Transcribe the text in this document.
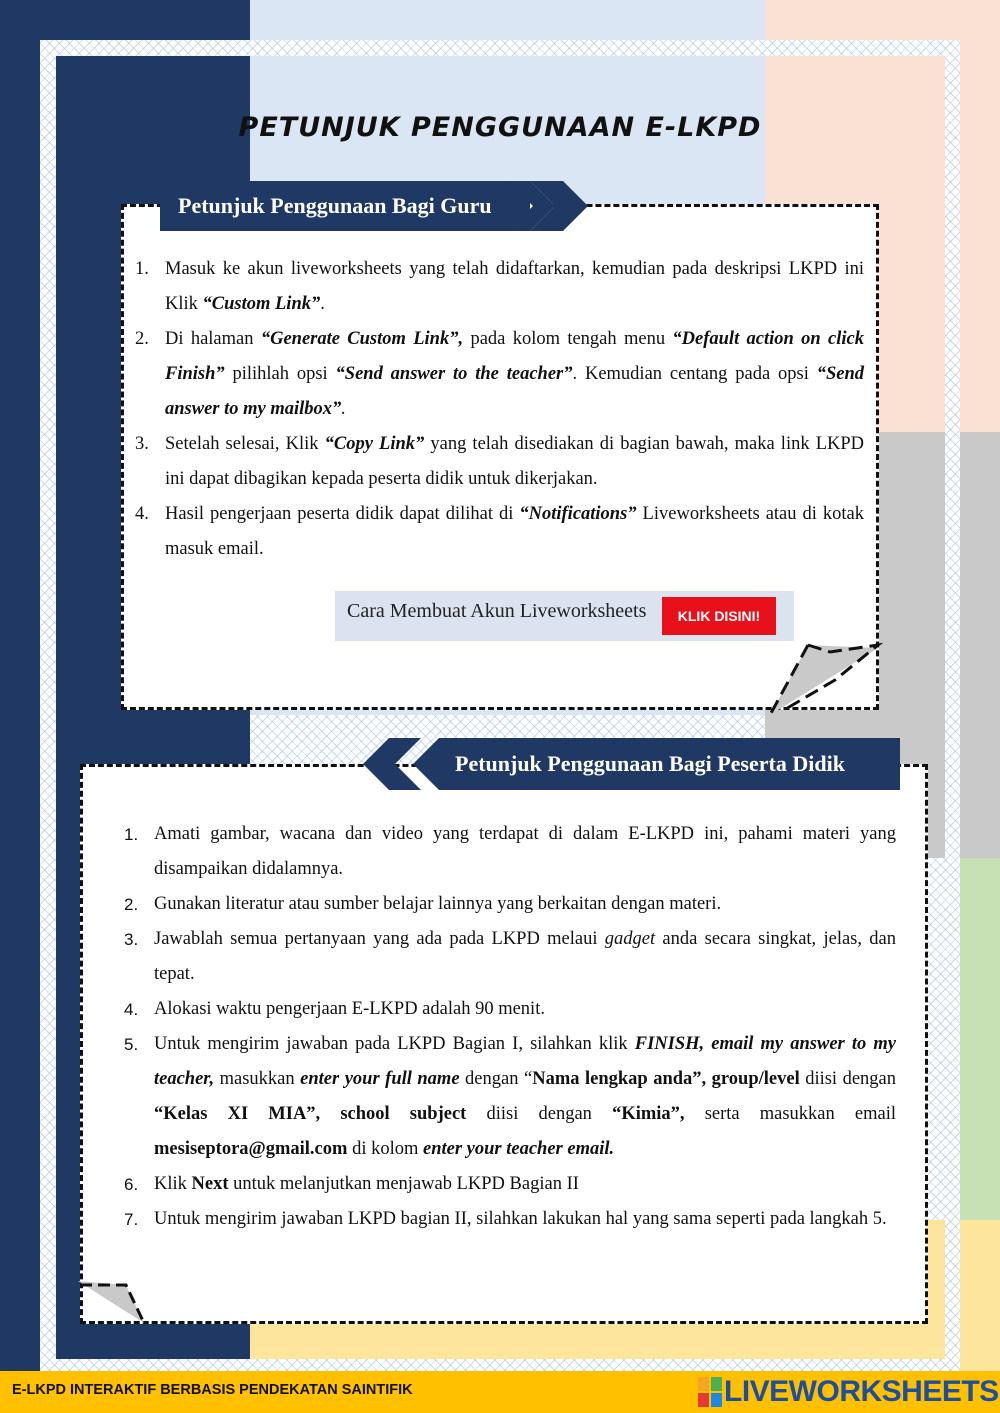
PETUNJUK PENGGUNAAN E-LKPD
Petunjuk Penggunaan Bagi Guru
1. Masuk ke akun liveworksheets yang telah didaftarkan, kemudian pada deskripsi LKPD ini Klik “Custom Link”.
2. Di halaman “Generate Custom Link”, pada kolom tengah menu “Default action on click Finish” pilihlah opsi “Send answer to the teacher”. Kemudian centang pada opsi “Send answer to my mailbox”.
3. Setelah selesai, Klik “Copy Link” yang telah disediakan di bagian bawah, maka link LKPD ini dapat dibagikan kepada peserta didik untuk dikerjakan.
4. Hasil pengerjaan peserta didik dapat dilihat di “Notifications” Liveworksheets atau di kotak masuk email.
Cara Membuat Akun Liveworksheets	KLIK DISINI!
Petunjuk Penggunaan Bagi Peserta Didik
1. Amati gambar, wacana dan video yang terdapat di dalam E-LKPD ini, pahami materi yang disampaikan didalamnya.
2. Gunakan literatur atau sumber belajar lainnya yang berkaitan dengan materi.
3. Jawablah semua pertanyaan yang ada pada LKPD melaui gadget anda secara singkat, jelas, dan tepat.
4. Alokasi waktu pengerjaan E-LKPD adalah 90 menit.
5. Untuk mengirim jawaban pada LKPD Bagian I, silahkan klik FINISH, email my answer to my teacher, masukkan enter your full name dengan “Nama lengkap anda”, group/level diisi dengan “Kelas XI MIA”, school subject diisi dengan “Kimia”, serta masukkan email mesiseptora@gmail.com di kolom enter your teacher email.
6. Klik Next untuk melanjutkan menjawab LKPD Bagian II
7. Untuk mengirim jawaban LKPD bagian II, silahkan lakukan hal yang sama seperti pada langkah 5.
E-LKPD INTERAKTIF BERBASIS PENDEKATAN SAINTIFIK	LIVEWORKSHEETS
